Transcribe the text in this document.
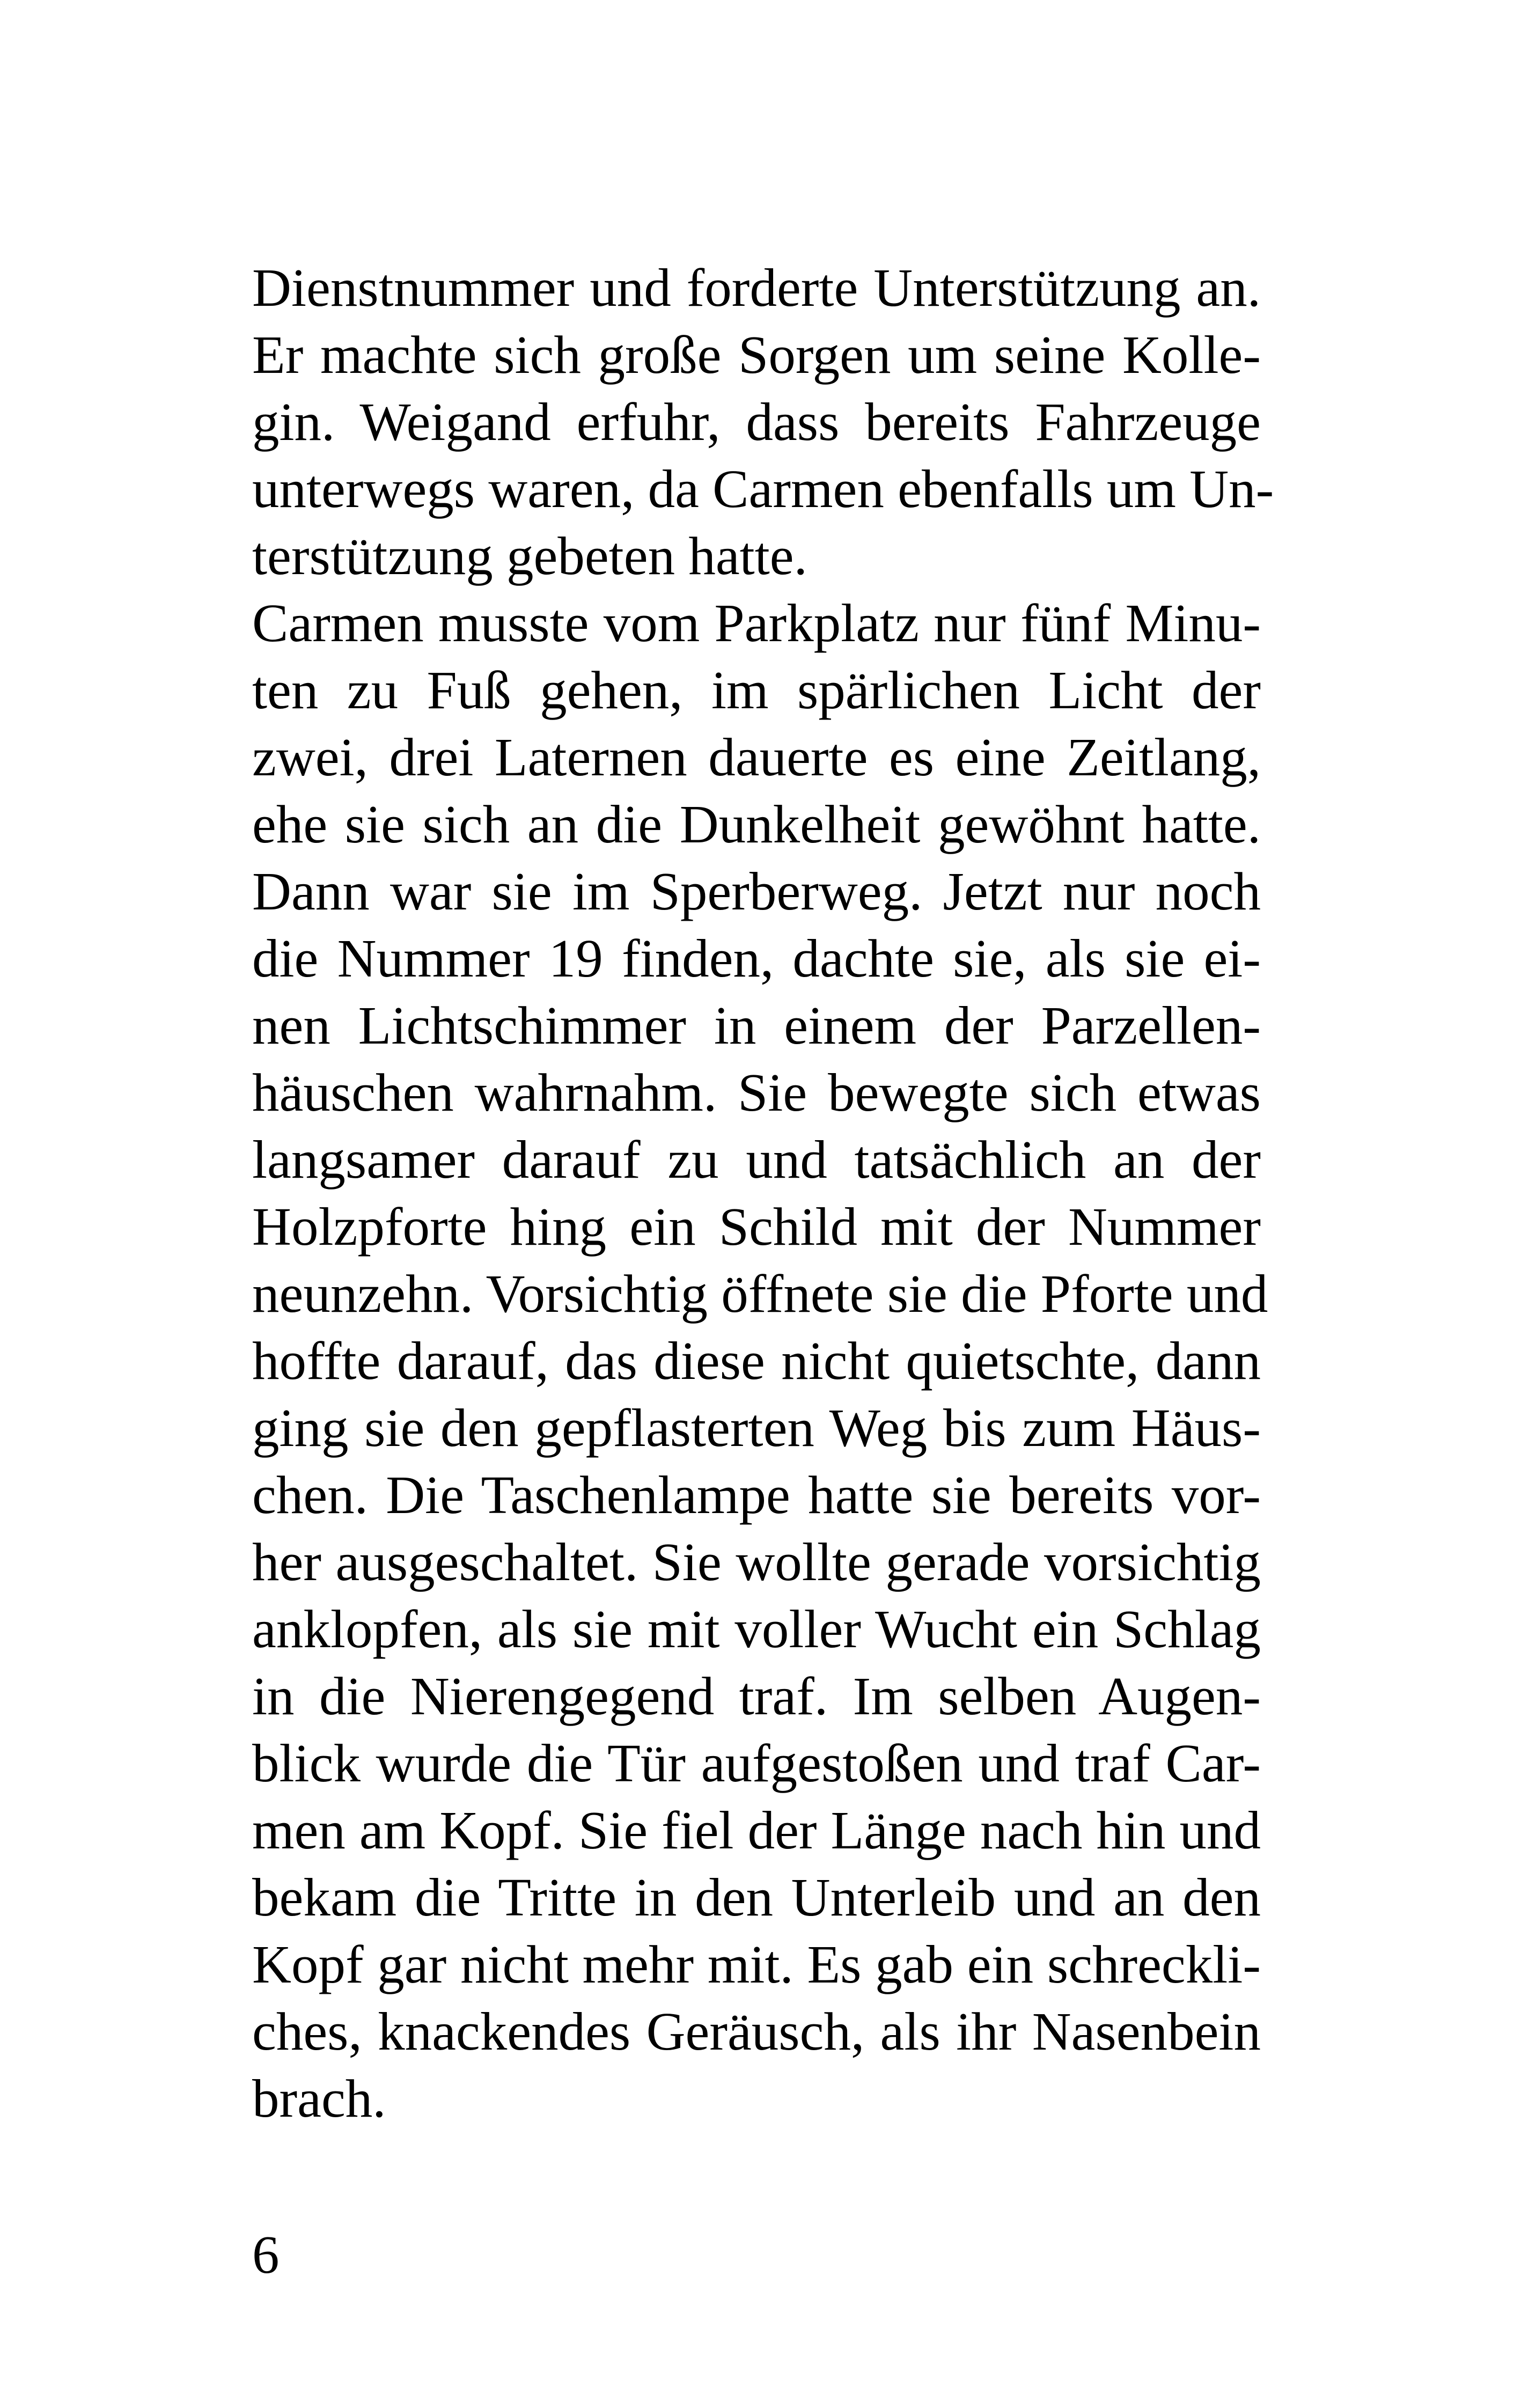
Dienstnummer und forderte Unterstützung an.
Er machte sich große Sorgen um seine Kolle-
gin. Weigand erfuhr, dass bereits Fahrzeuge
unterwegs waren, da Carmen ebenfalls um Un-
terstützung gebeten hatte.
Carmen musste vom Parkplatz nur fünf Minu-
ten zu Fuß gehen, im spärlichen Licht der
zwei, drei Laternen dauerte es eine Zeitlang,
ehe sie sich an die Dunkelheit gewöhnt hatte.
Dann war sie im Sperberweg. Jetzt nur noch
die Nummer 19 finden, dachte sie, als sie ei-
nen Lichtschimmer in einem der Parzellen-
häuschen wahrnahm. Sie bewegte sich etwas
langsamer darauf zu und tatsächlich an der
Holzpforte hing ein Schild mit der Nummer
neunzehn. Vorsichtig öffnete sie die Pforte und
hoffte darauf, das diese nicht quietschte, dann
ging sie den gepflasterten Weg bis zum Häus-
chen. Die Taschenlampe hatte sie bereits vor-
her ausgeschaltet. Sie wollte gerade vorsichtig
anklopfen, als sie mit voller Wucht ein Schlag
in die Nierengegend traf. Im selben Augen-
blick wurde die Tür aufgestoßen und traf Car-
men am Kopf. Sie fiel der Länge nach hin und
bekam die Tritte in den Unterleib und an den
Kopf gar nicht mehr mit. Es gab ein schreckli-
ches, knackendes Geräusch, als ihr Nasenbein
brach.
6
